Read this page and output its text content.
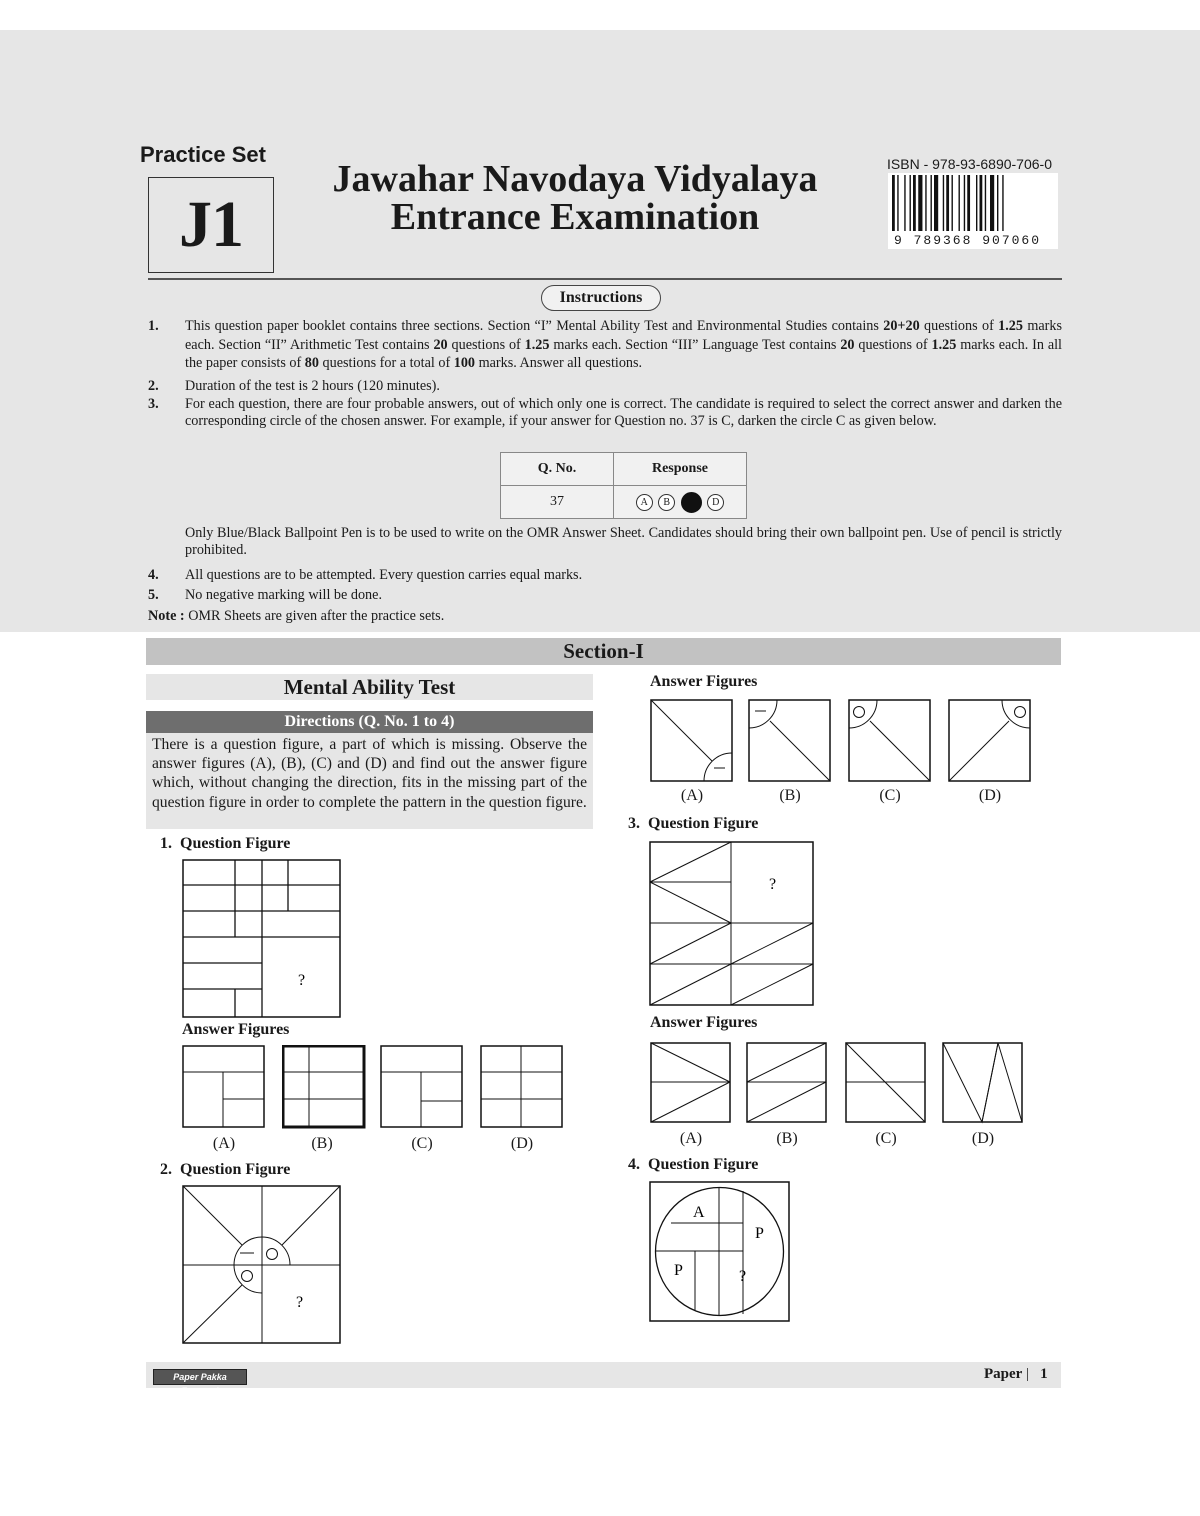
Practice Set
J1
Jawahar Navodaya Vidyalaya
Entrance Examination
ISBN - 978-93-6890-706-0
9 789368 907060
Instructions
1.	This question paper booklet contains three sections. Section “I” Mental Ability Test and Environmental Studies contains 20+20 questions of 1.25 marks each. Section “II” Arithmetic Test contains 20 questions of 1.25 marks each. Section “III” Language Test contains 20 questions of 1.25 marks each. In all the paper consists of 80 questions for a total of 100 marks. Answer all questions.
2.	Duration of the test is 2 hours (120 minutes).
3.	For each question, there are four probable answers, out of which only one is correct. The candidate is required to select the correct answer and darken the corresponding circle of the chosen answer. For example, if your answer for Question no. 37 is C, darken the circle C as given below.
Q. No.	Response
37	A B D
Only Blue/Black Ballpoint Pen is to be used to write on the OMR Answer Sheet. Candidates should bring their own ballpoint pen. Use of pencil is strictly prohibited.
4.	All questions are to be attempted. Every question carries equal marks.
5.	No negative marking will be done.
Note : OMR Sheets are given after the practice sets.
Section-I
Mental Ability Test
Directions (Q. No. 1 to 4)
There is a question figure, a part of which is missing. Observe the answer figures (A), (B), (C) and (D) and find out the answer figure which, without changing the direction, fits in the missing part of the question figure in order to complete the pattern in the question figure.
1. Question Figure
?
Answer Figures
(A)	(B)	(C)	(D)
2. Question Figure
?
Answer Figures
(A)	(B)	(C)	(D)
3. Question Figure
?
Answer Figures
(A)	(B)	(C)	(D)
4. Question Figure
A
P
P	?
Paper Pakka Faarega!
Paper | 1
